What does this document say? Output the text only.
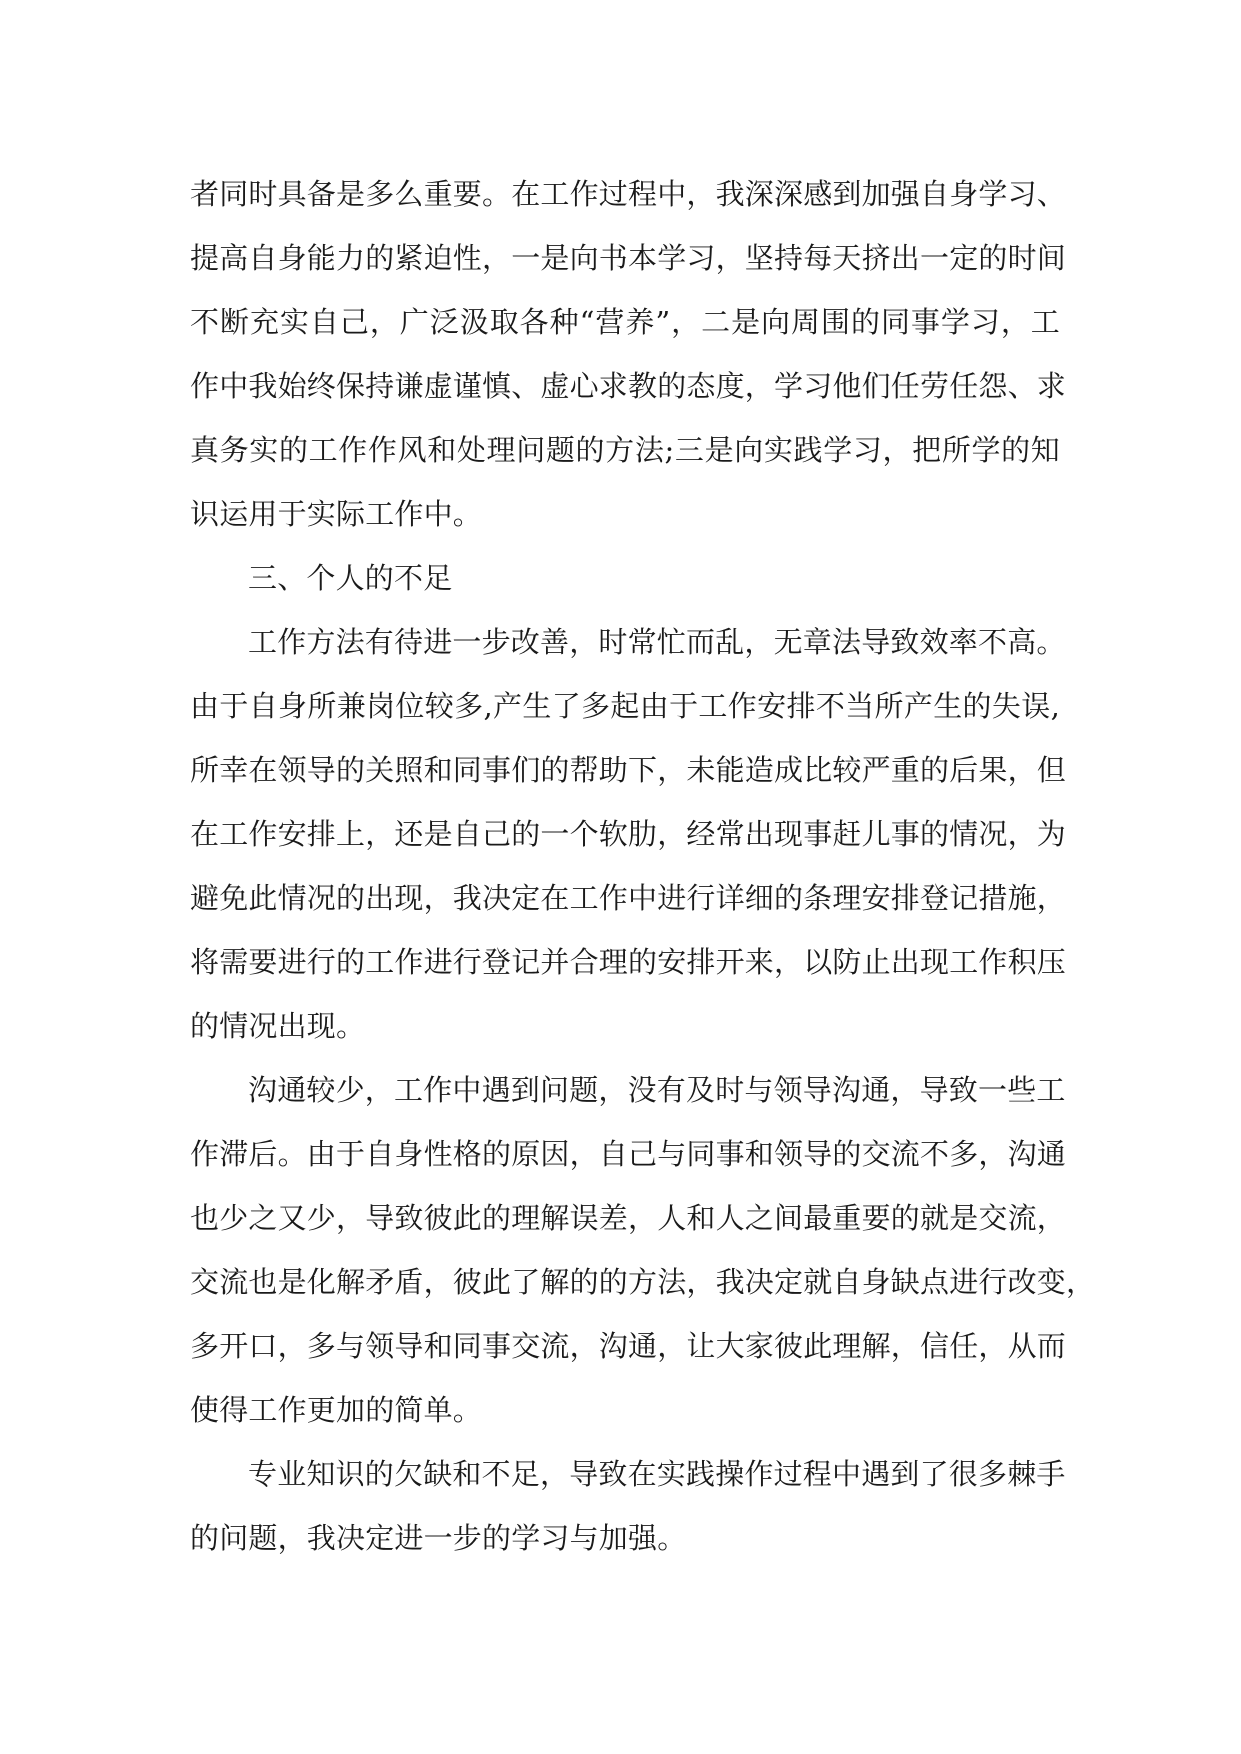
者同时具备是多么重要。在工作过程中，我深深感到加强自身学习、
提高自身能力的紧迫性，一是向书本学习，坚持每天挤出一定的时间
不断充实自己，广泛汲取各种“营养”，二是向周围的同事学习，工
作中我始终保持谦虚谨慎、虚心求教的态度，学习他们任劳任怨、求
真务实的工作作风和处理问题的方法;三是向实践学习，把所学的知
识运用于实际工作中。
三、个人的不足
工作方法有待进一步改善，时常忙而乱，无章法导致效率不高。
由于自身所兼岗位较多,产生了多起由于工作安排不当所产生的失误,
所幸在领导的关照和同事们的帮助下，未能造成比较严重的后果，但
在工作安排上，还是自己的一个软肋，经常出现事赶儿事的情况，为
避免此情况的出现，我决定在工作中进行详细的条理安排登记措施，
将需要进行的工作进行登记并合理的安排开来，以防止出现工作积压
的情况出现。
沟通较少，工作中遇到问题，没有及时与领导沟通，导致一些工
作滞后。由于自身性格的原因，自己与同事和领导的交流不多，沟通
也少之又少，导致彼此的理解误差，人和人之间最重要的就是交流，
交流也是化解矛盾，彼此了解的的方法，我决定就自身缺点进行改变，
多开口，多与领导和同事交流，沟通，让大家彼此理解，信任，从而
使得工作更加的简单。
专业知识的欠缺和不足，导致在实践操作过程中遇到了很多棘手
的问题，我决定进一步的学习与加强。
